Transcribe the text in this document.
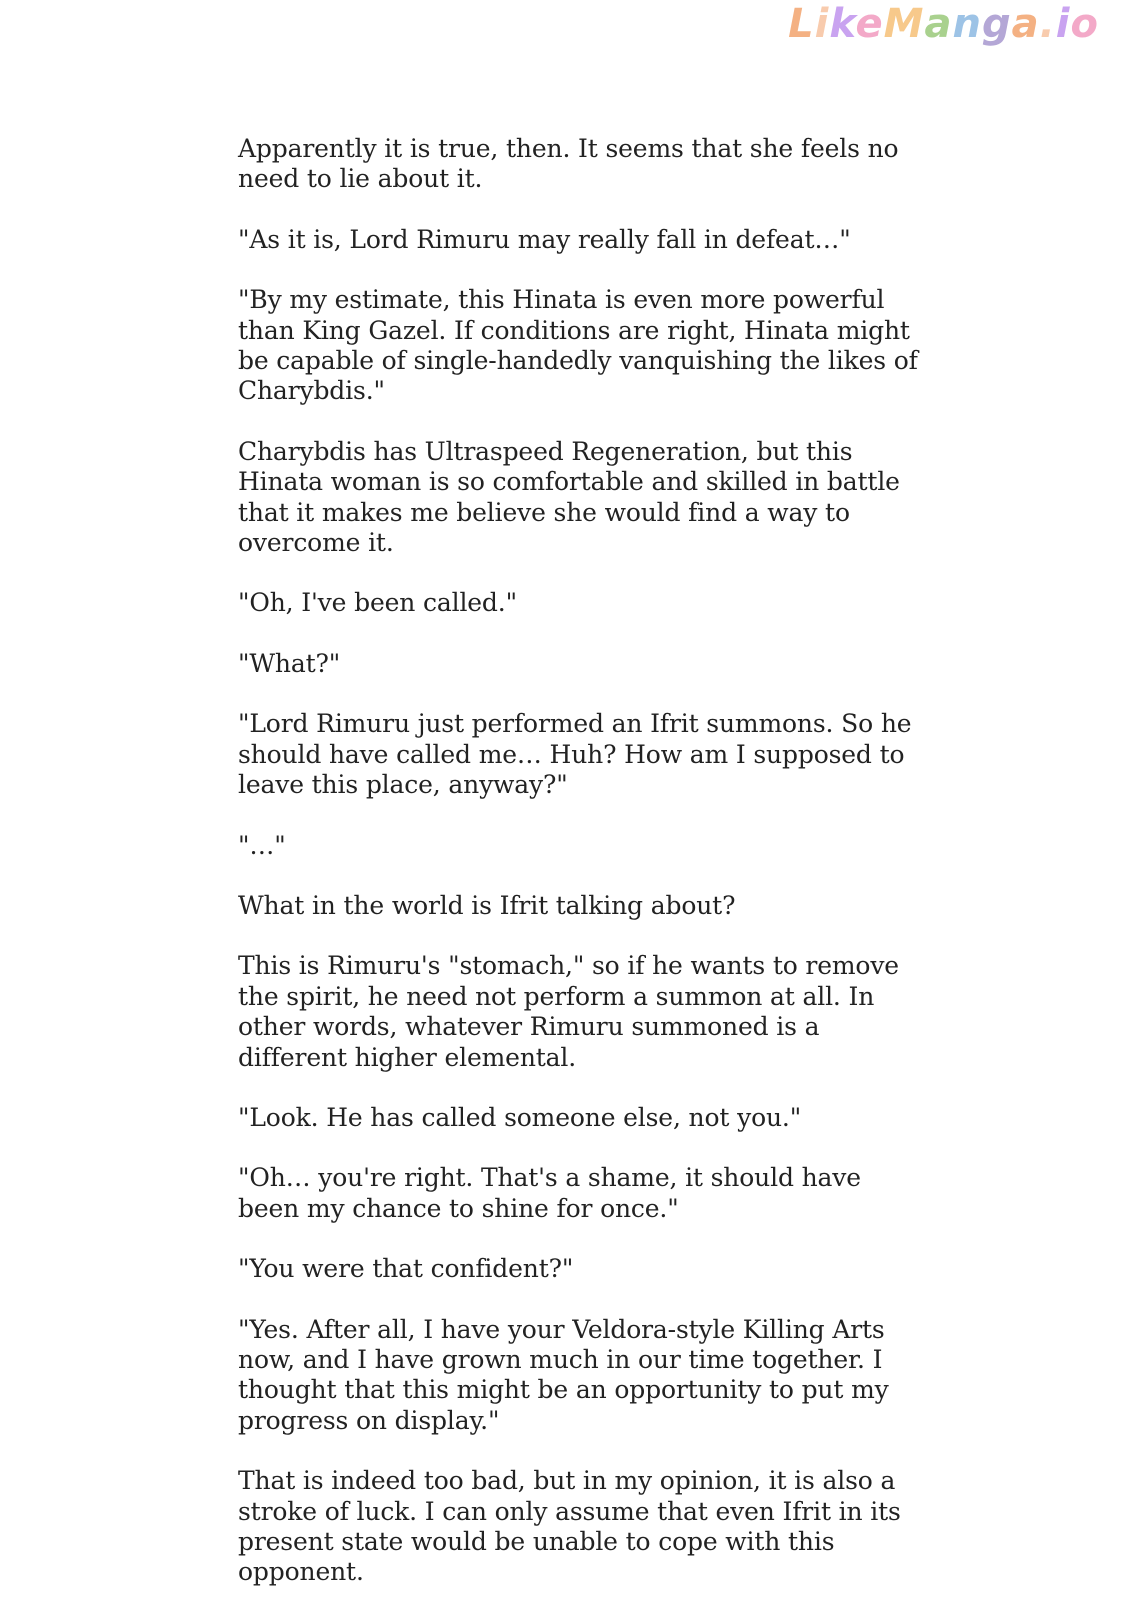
LikeManga.io

Apparently it is true, then. It seems that she feels no need to lie about it.

"As it is, Lord Rimuru may really fall in defeat…"

"By my estimate, this Hinata is even more powerful than King Gazel. If conditions are right, Hinata might be capable of single-handedly vanquishing the likes of Charybdis."

Charybdis has Ultraspeed Regeneration, but this Hinata woman is so comfortable and skilled in battle that it makes me believe she would find a way to overcome it.

"Oh, I've been called."

"What?"

"Lord Rimuru just performed an Ifrit summons. So he should have called me… Huh? How am I supposed to leave this place, anyway?"

"…"

What in the world is Ifrit talking about?

This is Rimuru's "stomach," so if he wants to remove the spirit, he need not perform a summon at all. In other words, whatever Rimuru summoned is a different higher elemental.

"Look. He has called someone else, not you."

"Oh… you're right. That's a shame, it should have been my chance to shine for once."

"You were that confident?"

"Yes. After all, I have your Veldora-style Killing Arts now, and I have grown much in our time together. I thought that this might be an opportunity to put my progress on display."

That is indeed too bad, but in my opinion, it is also a stroke of luck. I can only assume that even Ifrit in its present state would be unable to cope with this opponent.
